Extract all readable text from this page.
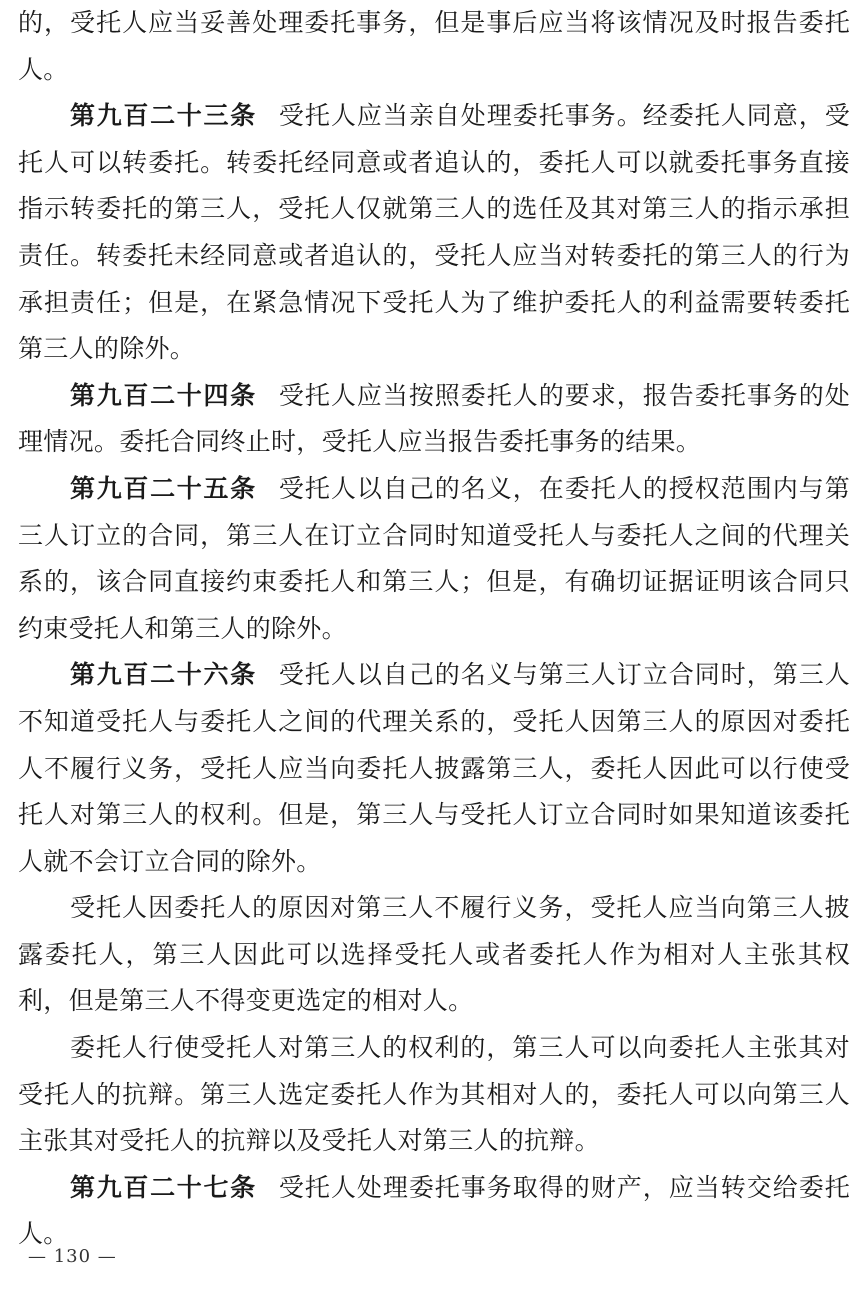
的，受托人应当妥善处理委托事务，但是事后应当将该情况及时报告委托人。

第九百二十三条 受托人应当亲自处理委托事务。经委托人同意，受托人可以转委托。转委托经同意或者追认的，委托人可以就委托事务直接指示转委托的第三人，受托人仅就第三人的选任及其对第三人的指示承担责任。转委托未经同意或者追认的，受托人应当对转委托的第三人的行为承担责任；但是，在紧急情况下受托人为了维护委托人的利益需要转委托第三人的除外。

第九百二十四条 受托人应当按照委托人的要求，报告委托事务的处理情况。委托合同终止时，受托人应当报告委托事务的结果。

第九百二十五条 受托人以自己的名义，在委托人的授权范围内与第三人订立的合同，第三人在订立合同时知道受托人与委托人之间的代理关系的，该合同直接约束委托人和第三人；但是，有确切证据证明该合同只约束受托人和第三人的除外。

第九百二十六条 受托人以自己的名义与第三人订立合同时，第三人不知道受托人与委托人之间的代理关系的，受托人因第三人的原因对委托人不履行义务，受托人应当向委托人披露第三人，委托人因此可以行使受托人对第三人的权利。但是，第三人与受托人订立合同时如果知道该委托人就不会订立合同的除外。

受托人因委托人的原因对第三人不履行义务，受托人应当向第三人披露委托人，第三人因此可以选择受托人或者委托人作为相对人主张其权利，但是第三人不得变更选定的相对人。

委托人行使受托人对第三人的权利的，第三人可以向委托人主张其对受托人的抗辩。第三人选定委托人作为其相对人的，委托人可以向第三人主张其对受托人的抗辩以及受托人对第三人的抗辩。

第九百二十七条 受托人处理委托事务取得的财产，应当转交给委托人。

— 130 —
